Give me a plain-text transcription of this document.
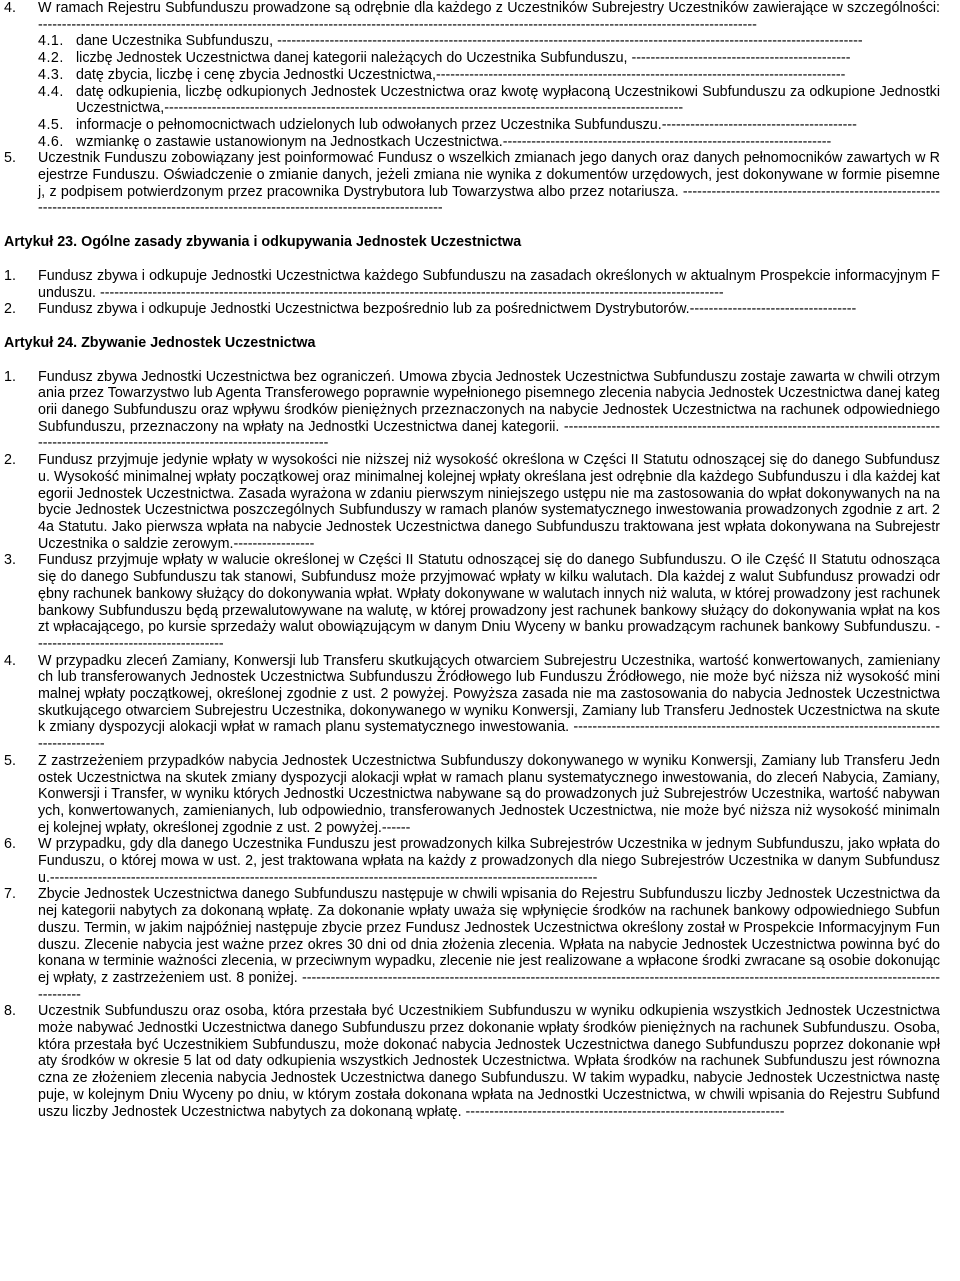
4.	W ramach Rejestru Subfunduszu prowadzone są odrębnie dla każdego z Uczestników Subrejestry Uczestników zawierające w szczególności: -------------------------------------------------------------------------------------------------------------------------------------------------------
4.1. dane Uczestnika Subfunduszu, ---------------------------------------------------------------------------------------------------------------------------
4.2. liczbę Jednostek Uczestnictwa danej kategorii należących do Uczestnika Subfunduszu, ----------------------------------------------
4.3. datę zbycia, liczbę i cenę zbycia Jednostki Uczestnictwa,--------------------------------------------------------------------------------------
4.4. datę odkupienia, liczbę odkupionych Jednostek Uczestnictwa oraz kwotę wypłaconą Uczestnikowi Subfunduszu za odkupione Jednostki Uczestnictwa,-------------------------------------------------------------------------------------------------------------
4.5. informacje o pełnomocnictwach udzielonych lub odwołanych przez Uczestnika Subfunduszu.-----------------------------------------
4.6. wzmiankę o zastawie ustanowionym na Jednostkach Uczestnictwa.---------------------------------------------------------------------
5.	Uczestnik Funduszu zobowiązany jest poinformować Fundusz o wszelkich zmianach jego danych oraz danych pełnomocników zawartych w Rejestrze Funduszu. Oświadczenie o zmianie danych, jeżeli zmiana nie wynika z dokumentów urzędowych, jest dokonywane w formie pisemnej, z podpisem potwierdzonym przez pracownika Dystrybutora lub Towarzystwa albo przez notariusza. -------------------------------------------------------------------------------------------------------------------------------------------
Artykuł 23. Ogólne zasady zbywania i odkupywania Jednostek Uczestnictwa
1.	Fundusz zbywa i odkupuje Jednostki Uczestnictwa każdego Subfunduszu na zasadach określonych w aktualnym Prospekcie informacyjnym Funduszu. -----------------------------------------------------------------------------------------------------------------------------------
2.	Fundusz zbywa i odkupuje Jednostki Uczestnictwa bezpośrednio lub za pośrednictwem Dystrybutorów.-----------------------------------
Artykuł 24. Zbywanie Jednostek Uczestnictwa
1.	Fundusz zbywa Jednostki Uczestnictwa bez ograniczeń. Umowa zbycia Jednostek Uczestnictwa Subfunduszu zostaje zawarta w chwili otrzymania przez Towarzystwo lub Agenta Transferowego poprawnie wypełnionego pisemnego zlecenia nabycia Jednostek Uczestnictwa danej kategorii danego Subfunduszu oraz wpływu środków pieniężnych przeznaczonych na nabycie Jednostek Uczestnictwa na rachunek odpowiedniego Subfunduszu, przeznaczony na wpłaty na Jednostki Uczestnictwa danej kategorii. --------------------------------------------------------------------------------------------------------------------------------------------
2.	Fundusz przyjmuje jedynie wpłaty w wysokości nie niższej niż wysokość określona w Części II Statutu odnoszącej się do danego Subfunduszu. Wysokość minimalnej wpłaty początkowej oraz minimalnej kolejnej wpłaty określana jest odrębnie dla każdego Subfunduszu i dla każdej kategorii Jednostek Uczestnictwa. Zasada wyrażona w zdaniu pierwszym niniejszego ustępu nie ma zastosowania do wpłat dokonywanych na nabycie Jednostek Uczestnictwa poszczególnych Subfunduszy w ramach planów systematycznego inwestowania prowadzonych zgodnie z art. 24a Statutu. Jako pierwsza wpłata na nabycie Jednostek Uczestnictwa danego Subfunduszu traktowana jest wpłata dokonywana na Subrejestr Uczestnika o saldzie zerowym.-----------------
3.	Fundusz przyjmuje wpłaty w walucie określonej w Części II Statutu odnoszącej się do danego Subfunduszu. O ile Część II Statutu odnosząca się do danego Subfunduszu tak stanowi, Subfundusz może przyjmować wpłaty w kilku walutach. Dla każdej z walut Subfundusz prowadzi odrębny rachunek bankowy służący do dokonywania wpłat. Wpłaty dokonywane w walutach innych niż waluta, w której prowadzony jest rachunek bankowy Subfunduszu będą przewalutowywane na walutę, w której prowadzony jest rachunek bankowy służący do dokonywania wpłat na koszt wpłacającego, po kursie sprzedaży walut obowiązującym w danym Dniu Wyceny w banku prowadzącym rachunek bankowy Subfunduszu. ----------------------------------------
4.	W przypadku zleceń Zamiany, Konwersji lub Transferu skutkujących otwarciem Subrejestru Uczestnika, wartość konwertowanych, zamienianych lub transferowanych Jednostek Uczestnictwa Subfunduszu Źródłowego lub Funduszu Źródłowego, nie może być niższa niż wysokość minimalnej wpłaty początkowej, określonej zgodnie z ust. 2 powyżej. Powyższa zasada nie ma zastosowania do nabycia Jednostek Uczestnictwa skutkującego otwarciem Subrejestru Uczestnika, dokonywanego w wyniku Konwersji, Zamiany lub Transferu Jednostek Uczestnictwa na skutek zmiany dyspozycji alokacji wpłat w ramach planu systematycznego inwestowania. -------------------------------------------------------------------------------------------
5.	Z zastrzeżeniem przypadków nabycia Jednostek Uczestnictwa Subfunduszy dokonywanego w wyniku Konwersji, Zamiany lub Transferu Jednostek Uczestnictwa na skutek zmiany dyspozycji alokacji wpłat w ramach planu systematycznego inwestowania, do zleceń Nabycia, Zamiany, Konwersji i Transfer, w wyniku których Jednostki Uczestnictwa nabywane są do prowadzonych już Subrejestrów Uczestnika, wartość nabywanych, konwertowanych, zamienianych, lub odpowiednio, transferowanych Jednostek Uczestnictwa, nie może być niższa niż wysokość minimalnej kolejnej wpłaty, określonej zgodnie z ust. 2 powyżej.------
6.	W przypadku, gdy dla danego Uczestnika Funduszu jest prowadzonych kilka Subrejestrów Uczestnika w jednym Subfunduszu, jako wpłata do Funduszu, o której mowa w ust. 2, jest traktowana wpłata na każdy z prowadzonych dla niego Subrejestrów Uczestnika w danym Subfunduszu.-------------------------------------------------------------------------------------------------------------------
7.	Zbycie Jednostek Uczestnictwa danego Subfunduszu następuje w chwili wpisania do Rejestru Subfunduszu liczby Jednostek Uczestnictwa danej kategorii nabytych za dokonaną wpłatę. Za dokonanie wpłaty uważa się wpłynięcie środków na rachunek bankowy odpowiedniego Subfunduszu. Termin, w jakim najpóźniej następuje zbycie przez Fundusz Jednostek Uczestnictwa określony został w Prospekcie Informacyjnym Funduszu. Zlecenie nabycia jest ważne przez okres 30 dni od dnia złożenia zlecenia. Wpłata na nabycie Jednostek Uczestnictwa powinna być dokonana w terminie ważności zlecenia, w przeciwnym wypadku, zlecenie nie jest realizowane a wpłacone środki zwracane są osobie dokonującej wpłaty, z zastrzeżeniem ust. 8 poniżej. -----------------------------------------------------------------------------------------------------------------------------------------------
8.	Uczestnik Subfunduszu oraz osoba, która przestała być Uczestnikiem Subfunduszu w wyniku odkupienia wszystkich Jednostek Uczestnictwa może nabywać Jednostki Uczestnictwa danego Subfunduszu przez dokonanie wpłaty środków pieniężnych na rachunek Subfunduszu. Osoba, która przestała być Uczestnikiem Subfunduszu, może dokonać nabycia Jednostek Uczestnictwa danego Subfunduszu poprzez dokonanie wpłaty środków w okresie 5 lat od daty odkupienia wszystkich Jednostek Uczestnictwa. Wpłata środków na rachunek Subfunduszu jest równoznaczna ze złożeniem zlecenia nabycia Jednostek Uczestnictwa danego Subfunduszu. W takim wypadku, nabycie Jednostek Uczestnictwa następuje, w kolejnym Dniu Wyceny po dniu, w którym została dokonana wpłata na Jednostki Uczestnictwa, w chwili wpisania do Rejestru Subfunduszu liczby Jednostek Uczestnictwa nabytych za dokonaną wpłatę. -------------------------------------------------------------------
